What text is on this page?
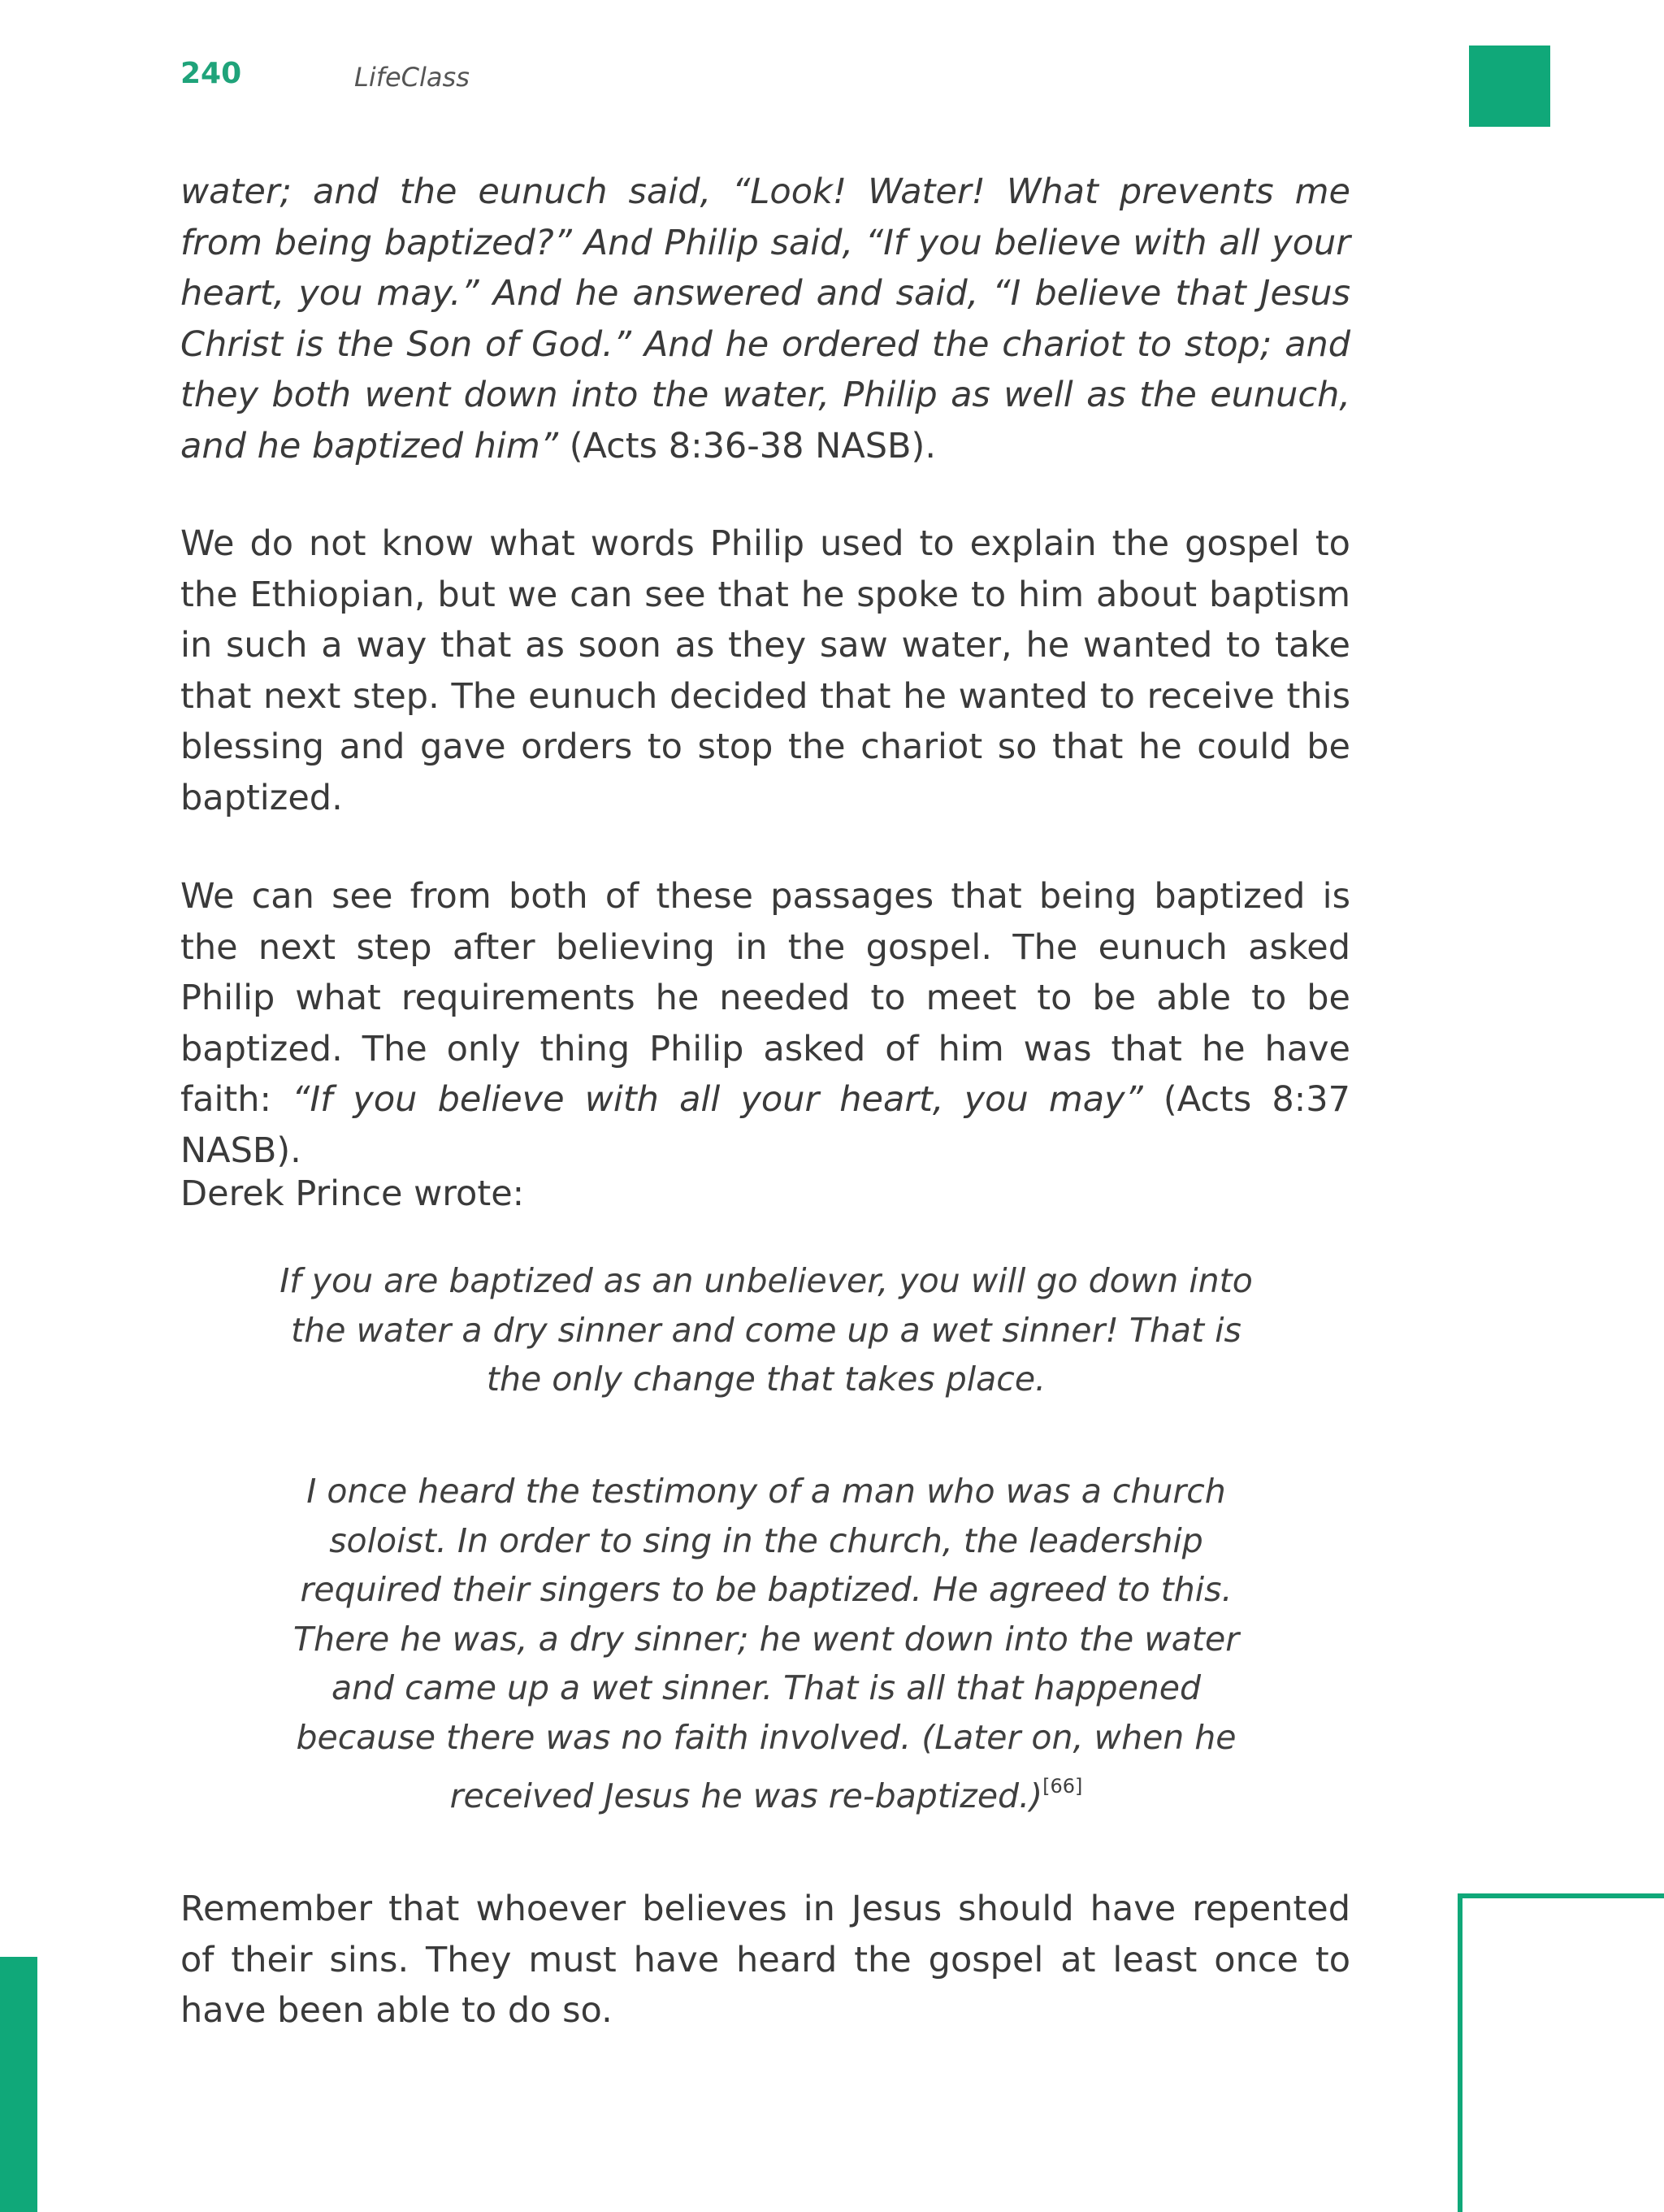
240	LifeClass

water; and the eunuch said, “Look! Water! What prevents me from being baptized?” And Philip said, “If you believe with all your heart, you may.” And he answered and said, “I believe that Jesus Christ is the Son of God.” And he ordered the chariot to stop; and they both went down into the water, Philip as well as the eunuch, and he baptized him” (Acts 8:36-38 NASB).

We do not know what words Philip used to explain the gospel to the Ethiopian, but we can see that he spoke to him about baptism in such a way that as soon as they saw water, he wanted to take that next step. The eunuch decided that he wanted to receive this blessing and gave orders to stop the chariot so that he could be baptized.

We can see from both of these passages that being baptized is the next step after believing in the gospel. The eunuch asked Philip what requirements he needed to meet to be able to be baptized. The only thing Philip asked of him was that he have faith: “If you believe with all your heart, you may” (Acts 8:37 NASB).

Derek Prince wrote:

If you are baptized as an unbeliever, you will go down into the water a dry sinner and come up a wet sinner! That is the only change that takes place.

I once heard the testimony of a man who was a church soloist. In order to sing in the church, the leadership required their singers to be baptized. He agreed to this. There he was, a dry sinner; he went down into the water and came up a wet sinner. That is all that happened because there was no faith involved. (Later on, when he received Jesus he was re-baptized.)[66]

Remember that whoever believes in Jesus should have repented of their sins. They must have heard the gospel at least once to have been able to do so.
